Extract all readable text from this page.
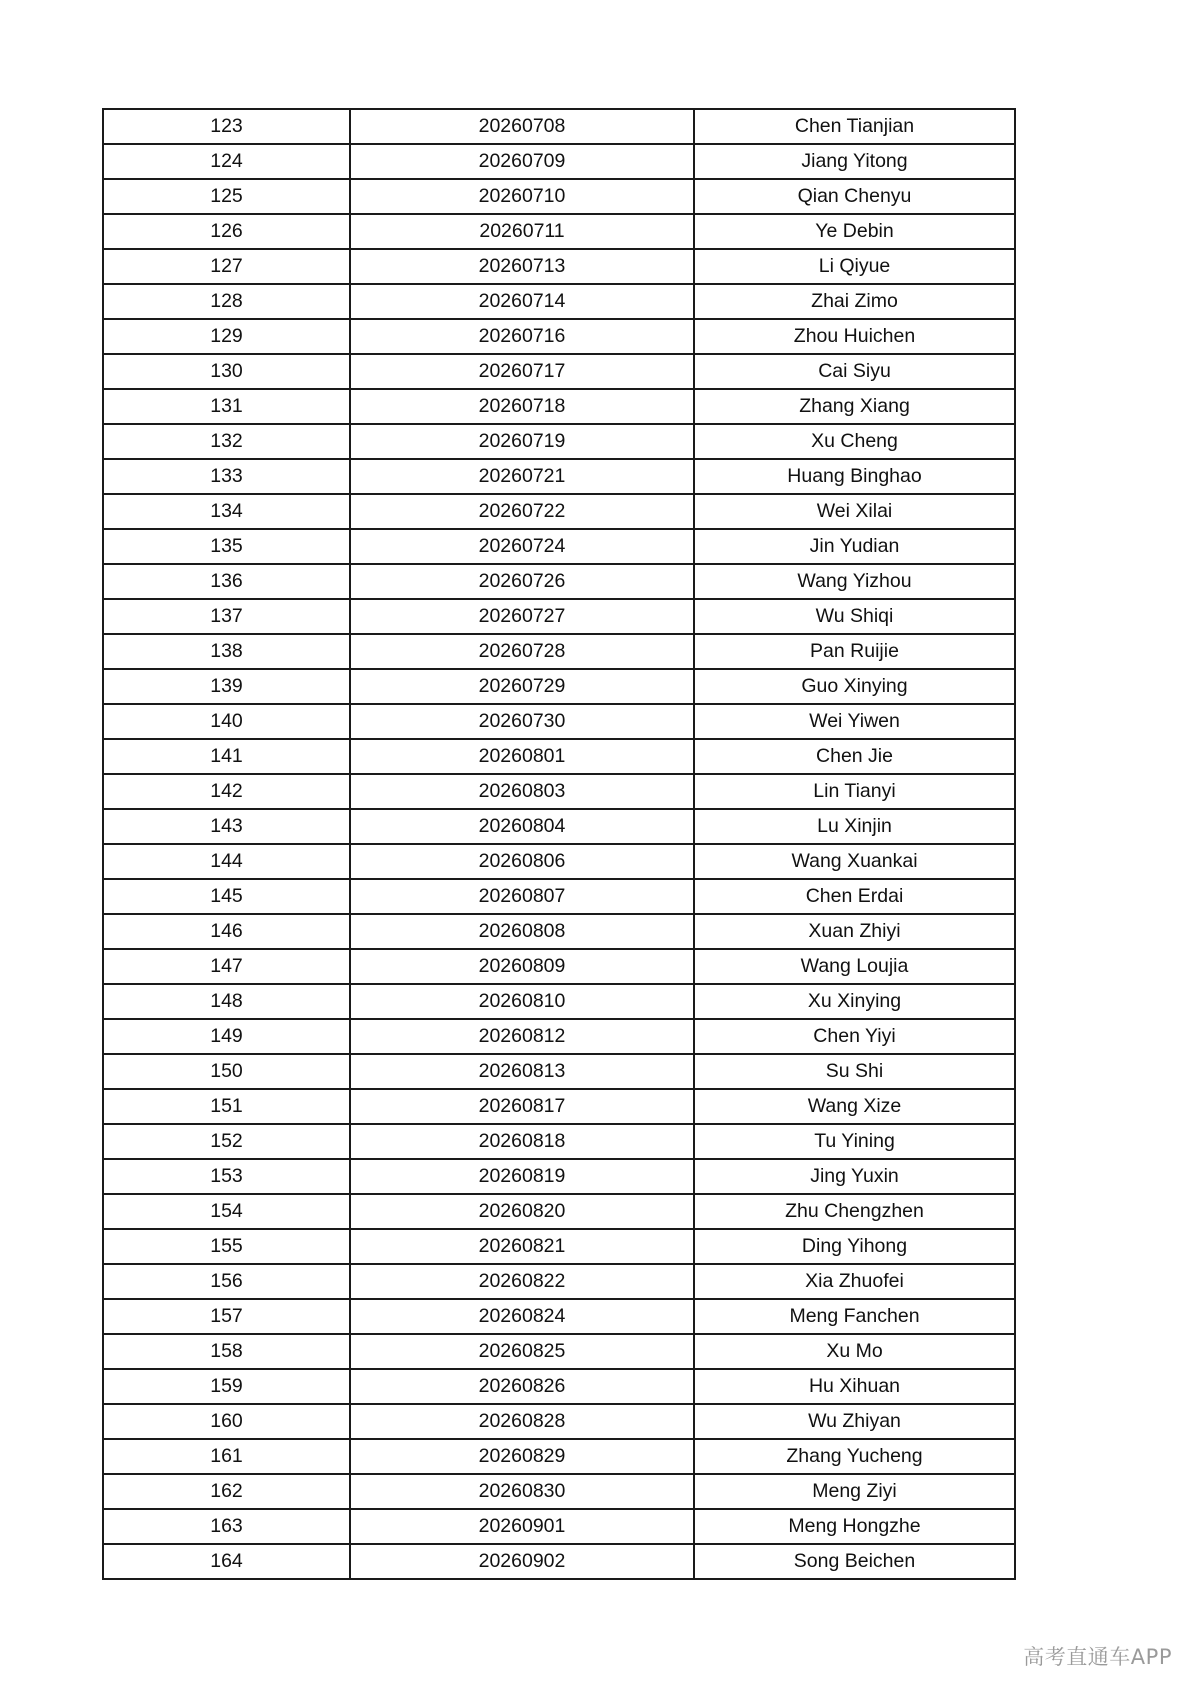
123	20260708	Chen Tianjian
124	20260709	Jiang Yitong
125	20260710	Qian Chenyu
126	20260711	Ye Debin
127	20260713	Li Qiyue
128	20260714	Zhai Zimo
129	20260716	Zhou Huichen
130	20260717	Cai Siyu
131	20260718	Zhang Xiang
132	20260719	Xu Cheng
133	20260721	Huang Binghao
134	20260722	Wei Xilai
135	20260724	Jin Yudian
136	20260726	Wang Yizhou
137	20260727	Wu Shiqi
138	20260728	Pan Ruijie
139	20260729	Guo Xinying
140	20260730	Wei Yiwen
141	20260801	Chen Jie
142	20260803	Lin Tianyi
143	20260804	Lu Xinjin
144	20260806	Wang Xuankai
145	20260807	Chen Erdai
146	20260808	Xuan Zhiyi
147	20260809	Wang Loujia
148	20260810	Xu Xinying
149	20260812	Chen Yiyi
150	20260813	Su Shi
151	20260817	Wang Xize
152	20260818	Tu Yining
153	20260819	Jing Yuxin
154	20260820	Zhu Chengzhen
155	20260821	Ding Yihong
156	20260822	Xia Zhuofei
157	20260824	Meng Fanchen
158	20260825	Xu Mo
159	20260826	Hu Xihuan
160	20260828	Wu Zhiyan
161	20260829	Zhang Yucheng
162	20260830	Meng Ziyi
163	20260901	Meng Hongzhe
164	20260902	Song Beichen
高考直通车APP
